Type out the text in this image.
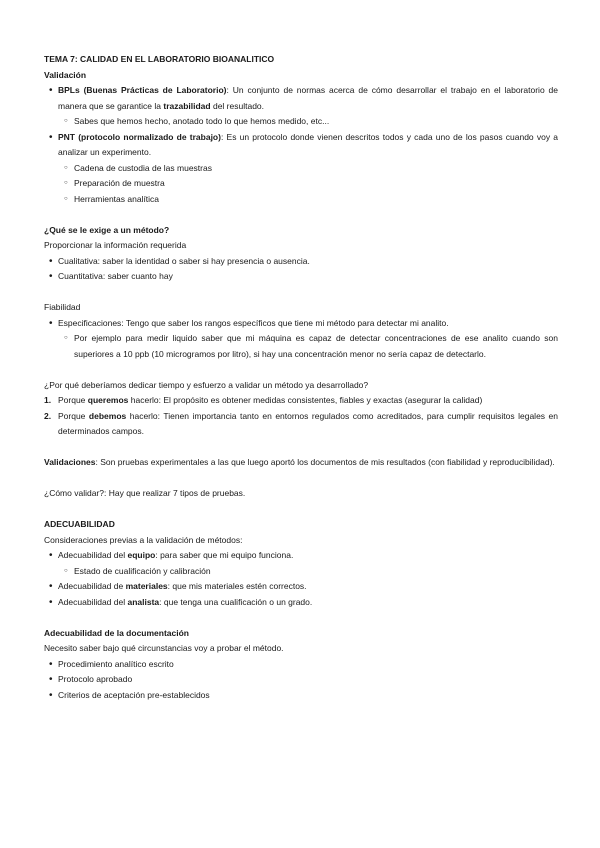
TEMA 7: CALIDAD EN EL LABORATORIO BIOANALITICO

Validación

• BPLs (Buenas Prácticas de Laboratorio): Un conjunto de normas acerca de cómo desarrollar el trabajo en el laboratorio de manera que se garantice la trazabilidad del resultado.
○ Sabes que hemos hecho, anotado todo lo que hemos medido, etc...
• PNT (protocolo normalizado de trabajo): Es un protocolo donde vienen descritos todos y cada uno de los pasos cuando voy a analizar un experimento.
○ Cadena de custodia de las muestras
○ Preparación de muestra
○ Herramientas analítica

¿Qué se le exige a un método?

Proporcionar la información requerida

• Cualitativa: saber la identidad o saber si hay presencia o ausencia.
• Cuantitativa: saber cuanto hay

Fiabilidad

• Especificaciones: Tengo que saber los rangos específicos que tiene mi método para detectar mi analito.
○ Por ejemplo para medir liquido saber que mi máquina es capaz de detectar concentraciones de ese analito cuando son superiores a 10 ppb (10 microgramos por litro), si hay una concentración menor no sería capaz de detectarlo.

¿Por qué deberíamos dedicar tiempo y esfuerzo a validar un método ya desarrollado?

1. Porque queremos hacerlo: El propósito es obtener medidas consistentes, fiables y exactas (asegurar la calidad)
2. Porque debemos hacerlo: Tienen importancia tanto en entornos regulados como acreditados, para cumplir requisitos legales en determinados campos.

Validaciones: Son pruebas experimentales a las que luego aportó los documentos de mis resultados (con fiabilidad y reproducibilidad).

¿Cómo validar?: Hay que realizar 7 tipos de pruebas.

ADECUABILIDAD

Consideraciones previas a la validación de métodos:

• Adecuabilidad del equipo: para saber que mi equipo funciona.
○ Estado de cualificación y calibración
• Adecuabilidad de materiales: que mis materiales estén correctos.
• Adecuabilidad del analista: que tenga una cualificación o un grado.

Adecuabilidad de la documentación

Necesito saber bajo qué circunstancias voy a probar el método.

• Procedimiento analítico escrito
• Protocolo aprobado
• Criterios de aceptación pre-establecidos
